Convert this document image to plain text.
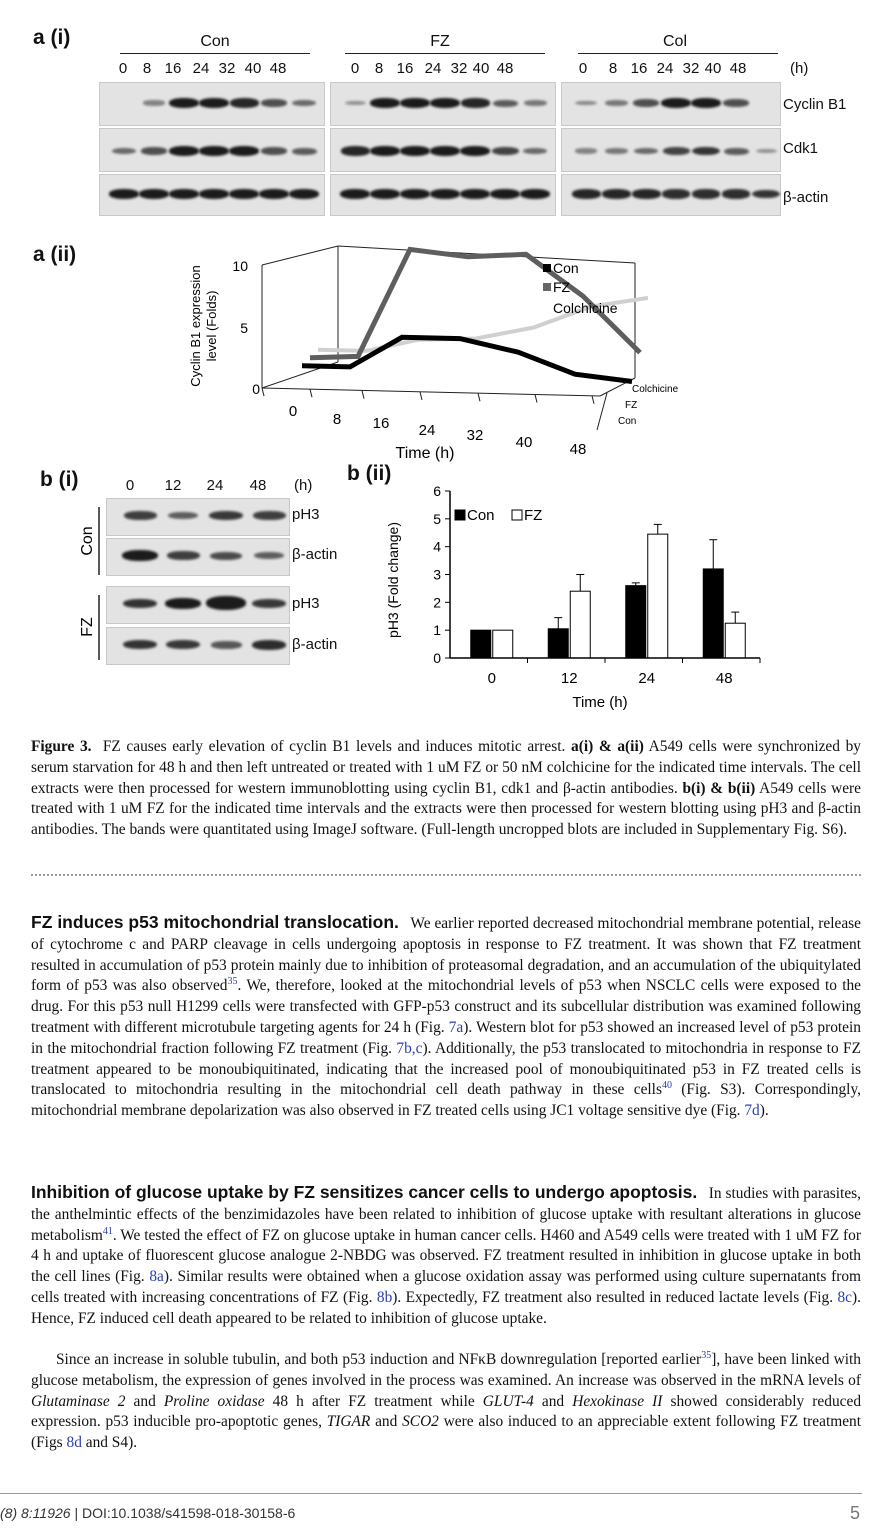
a (i)	Con	FZ	Col
0	0	0
8	8	8
16	16	16
24	24	24
32	32	32
40	40	40
48	48	48	(h)
Cyclin B1
Cdk1
β-actin
a (ii)	10
5
0
Cyclin B1 expression level (Folds)
0 8 16 24 32 40 48
Time (h)
Con
FZ
Colchicine
Colchicine
FZ
Con
b (i)	0	12	24	48	(h)
Con
FZ
pH3
β-actin
pH3
β-actin
b (ii)
0
1
2
3
4
5
6
0	12	24	48
pH3 (Fold change)
Time (h)
Con FZ
Figure 3. FZ causes early elevation of cyclin B1 levels and induces mitotic arrest. a(i) & a(ii) A549 cells were synchronized by serum starvation for 48 h and then left untreated or treated with 1 uM FZ or 50 nM colchicine for the indicated time intervals. The cell extracts were then processed for western immunoblotting using cyclin B1, cdk1 and β-actin antibodies. b(i) & b(ii) A549 cells were treated with 1 uM FZ for the indicated time intervals and the extracts were then processed for western blotting using pH3 and β-actin antibodies. The bands were quantitated using ImageJ software. (Full-length uncropped blots are included in Supplementary Fig. S6).
FZ induces p53 mitochondrial translocation. We earlier reported decreased mitochondrial membrane potential, release of cytochrome c and PARP cleavage in cells undergoing apoptosis in response to FZ treatment. It was shown that FZ treatment resulted in accumulation of p53 protein mainly due to inhibition of proteasomal degradation, and an accumulation of the ubiquitylated form of p53 was also observed$^{35}$. We, therefore, looked at the mitochondrial levels of p53 when NSCLC cells were exposed to the drug. For this p53 null H1299 cells were transfected with GFP-p53 construct and its subcellular distribution was examined following treatment with different microtubule targeting agents for 24 h (Fig. 7a). Western blot for p53 showed an increased level of p53 protein in the mitochondrial fraction following FZ treatment (Fig. 7b,c). Additionally, the p53 translocated to mitochondria in response to FZ treatment appeared to be monoubiquitinated, indicating that the increased pool of monoubiquitinated p53 in FZ treated cells is translocated to mitochondria resulting in the mitochondrial cell death pathway in these cells$^{40}$ (Fig. S3). Correspondingly, mitochondrial membrane depolarization was also observed in FZ treated cells using JC1 voltage sensitive dye (Fig. 7d).
Inhibition of glucose uptake by FZ sensitizes cancer cells to undergo apoptosis. In studies with parasites, the anthelmintic effects of the benzimidazoles have been related to inhibition of glucose uptake with resultant alterations in glucose metabolism$^{41}$. We tested the effect of FZ on glucose uptake in human cancer cells. H460 and A549 cells were treated with 1 uM FZ for 4 h and uptake of fluorescent glucose analogue 2-NBDG was observed. FZ treatment resulted in inhibition in glucose uptake in both the cell lines (Fig. 8a). Similar results were obtained when a glucose oxidation assay was performed using culture supernatants from cells treated with increasing concentrations of FZ (Fig. 8b). Expectedly, FZ treatment also resulted in reduced lactate levels (Fig. 8c). Hence, FZ induced cell death appeared to be related to inhibition of glucose uptake.
Since an increase in soluble tubulin, and both p53 induction and NFκB downregulation [reported earlier$^{35}$], have been linked with glucose metabolism, the expression of genes involved in the process was examined. An increase was observed in the mRNA levels of Glutaminase 2 and Proline oxidase 48 h after FZ treatment while GLUT-4 and Hexokinase II showed considerably reduced expression. p53 inducible pro-apoptotic genes, TIGAR and SCO2 were also induced to an appreciable extent following FZ treatment (Figs 8d and S4).
(8) 8:11926 | DOI:10.1038/s41598-018-30158-6	5
